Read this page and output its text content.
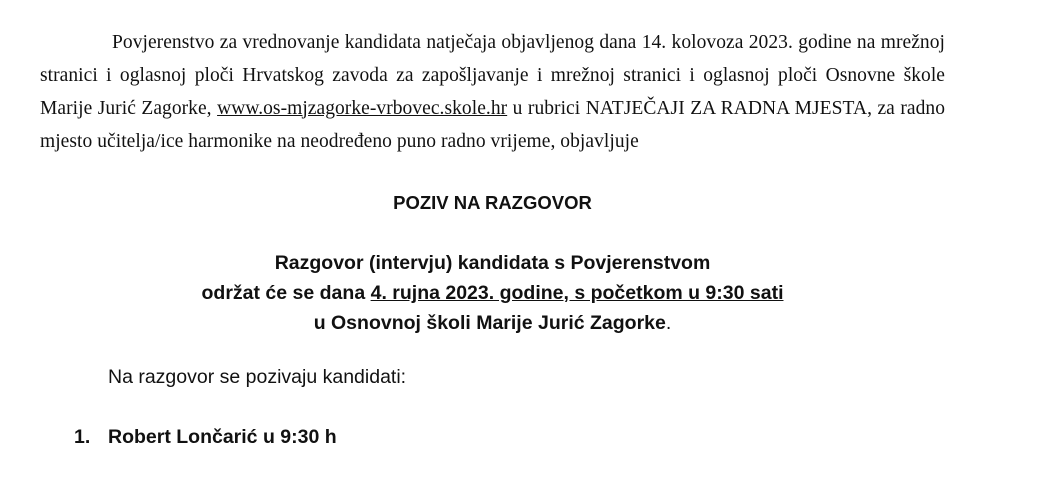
Povjerenstvo za vrednovanje kandidata natječaja objavljenog dana 14. kolovoza 2023. godine na mrežnoj stranici i oglasnoj ploči Hrvatskog zavoda za zapošljavanje i mrežnoj stranici i oglasnoj ploči Osnovne škole Marije Jurić Zagorke, www.os-mjzagorke-vrbovec.skole.hr u rubrici NATJEČAJI ZA RADNA MJESTA, za radno mjesto učitelja/ice harmonike na neodređeno puno radno vrijeme, objavljuje

POZIV NA RAZGOVOR
Razgovor (intervju) kandidata s Povjerenstvom
održat će se dana 4. rujna 2023. godine, s početkom u 9:30 sati
u Osnovnoj školi Marije Jurić Zagorke.
Na razgovor se pozivaju kandidati:
1. Robert Lončarić u 9:30 h
